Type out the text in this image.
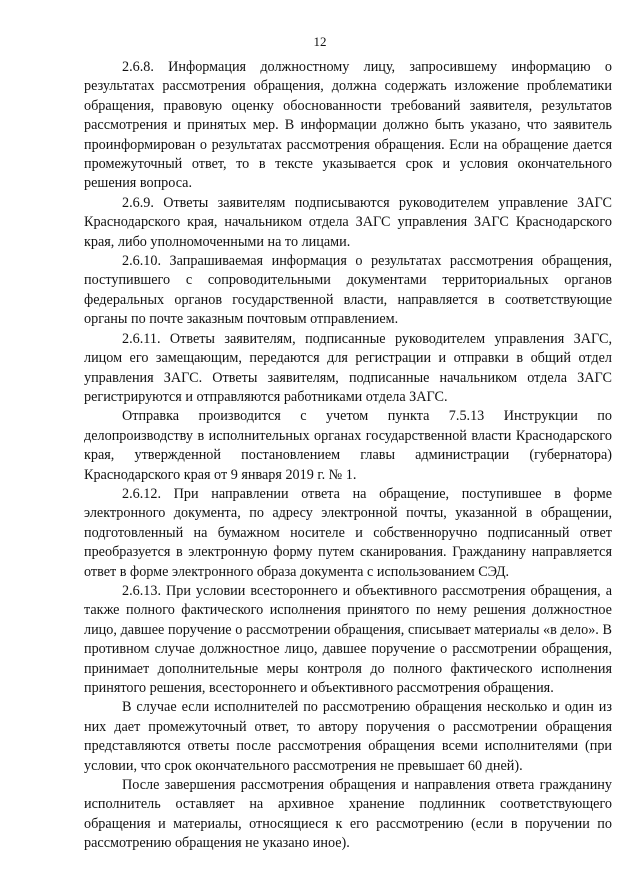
12

2.6.8. Информация должностному лицу, запросившему информацию о результатах рассмотрения обращения, должна содержать изложение проблематики обращения, правовую оценку обоснованности требований заявителя, результатов рассмотрения и принятых мер. В информации должно быть указано, что заявитель проинформирован о результатах рассмотрения обращения. Если на обращение дается промежуточный ответ, то в тексте указывается срок и условия окончательного решения вопроса.

2.6.9. Ответы заявителям подписываются руководителем управление ЗАГС Краснодарского края, начальником отдела ЗАГС управления ЗАГС Краснодарского края, либо уполномоченными на то лицами.

2.6.10. Запрашиваемая информация о результатах рассмотрения обращения, поступившего с сопроводительными документами территориальных органов федеральных органов государственной власти, направляется в соответствующие органы по почте заказным почтовым отправлением.

2.6.11. Ответы заявителям, подписанные руководителем управления ЗАГС, лицом его замещающим, передаются для регистрации и отправки в общий отдел управления ЗАГС. Ответы заявителям, подписанные начальником отдела ЗАГС регистрируются и отправляются работниками отдела ЗАГС.

Отправка производится с учетом пункта 7.5.13 Инструкции по делопроизводству в исполнительных органах государственной власти Краснодарского края, утвержденной постановлением главы администрации (губернатора) Краснодарского края от 9 января 2019 г. № 1.

2.6.12. При направлении ответа на обращение, поступившее в форме электронного документа, по адресу электронной почты, указанной в обращении, подготовленный на бумажном носителе и собственноручно подписанный ответ преобразуется в электронную форму путем сканирования. Гражданину направляется ответ в форме электронного образа документа с использованием СЭД.

2.6.13. При условии всестороннего и объективного рассмотрения обращения, а также полного фактического исполнения принятого по нему решения должностное лицо, давшее поручение о рассмотрении обращения, списывает материалы «в дело». В противном случае должностное лицо, давшее поручение о рассмотрении обращения, принимает дополнительные меры контроля до полного фактического исполнения принятого решения, всестороннего и объективного рассмотрения обращения.

В случае если исполнителей по рассмотрению обращения несколько и один из них дает промежуточный ответ, то автору поручения о рассмотрении обращения представляются ответы после рассмотрения обращения всеми исполнителями (при условии, что срок окончательного рассмотрения не превышает 60 дней).

После завершения рассмотрения обращения и направления ответа гражданину исполнитель оставляет на архивное хранение подлинник соответствующего обращения и материалы, относящиеся к его рассмотрению (если в поручении по рассмотрению обращения не указано иное).
